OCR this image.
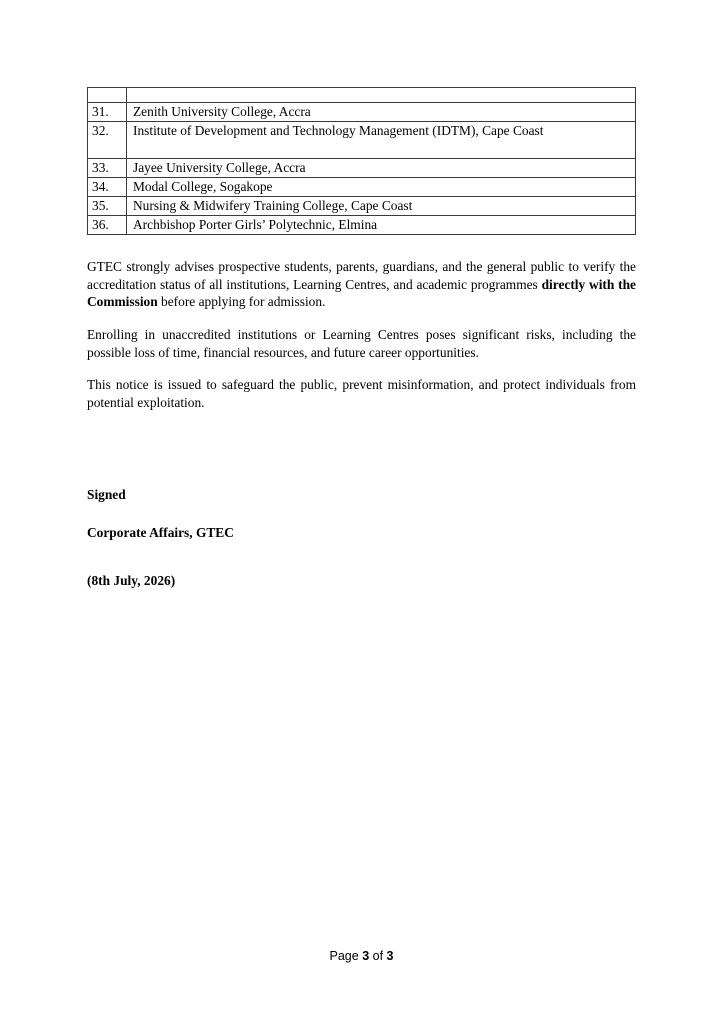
31.	Zenith University College, Accra
32.	Institute of Development and Technology Management (IDTM), Cape Coast
33.	Jayee University College, Accra
34.	Modal College, Sogakope
35.	Nursing & Midwifery Training College, Cape Coast
36.	Archbishop Porter Girls’ Polytechnic, Elmina

GTEC strongly advises prospective students, parents, guardians, and the general public to verify the accreditation status of all institutions, Learning Centres, and academic programmes directly with the Commission before applying for admission.

Enrolling in unaccredited institutions or Learning Centres poses significant risks, including the possible loss of time, financial resources, and future career opportunities.

This notice is issued to safeguard the public, prevent misinformation, and protect individuals from potential exploitation.

Signed

Corporate Affairs, GTEC

(8th July, 2026)

Page 3 of 3
